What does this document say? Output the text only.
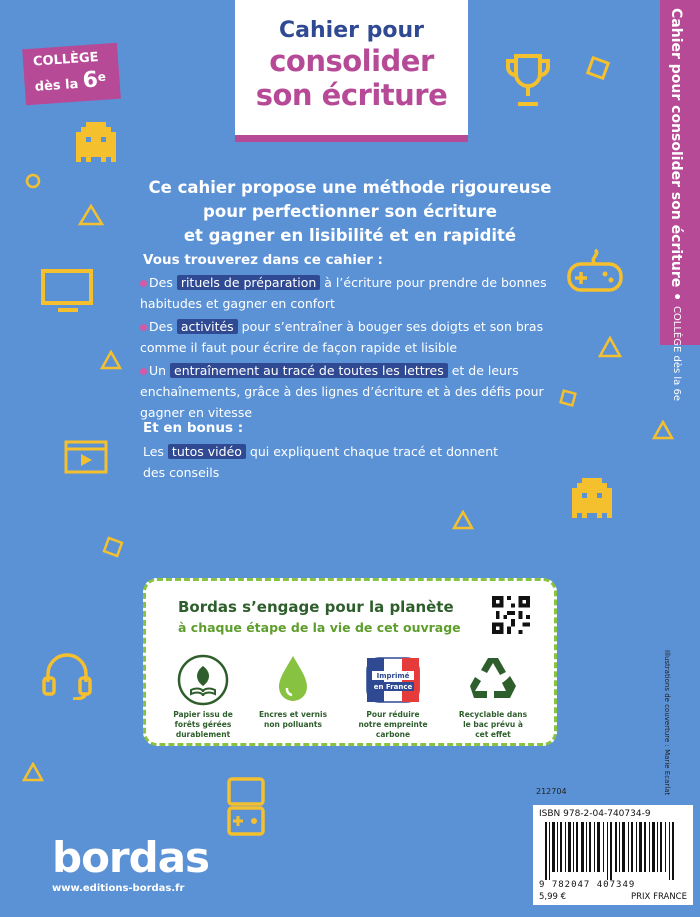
COLLÈGE
dès la 6e
Cahier pour
consolider
son écriture	Cahier pour consolider son écriture • COLLÈGE dès la 6e
Ce cahier propose une méthode rigoureuse
pour perfectionner son écriture
et gagner en lisibilité et en rapidité
Vous trouverez dans ce cahier :
Des rituels de préparation à l’écriture pour prendre de bonnes habitudes et gagner en confort
Des activités pour s’entraîner à bouger ses doigts et son bras comme il faut pour écrire de façon rapide et lisible
Un entraînement au tracé de toutes les lettres et de leurs enchaînements, grâce à des lignes d’écriture et à des défis pour gagner en vitesse
Et en bonus :
Les tutos vidéo qui expliquent chaque tracé et donnent des conseils
Bordas s’engage pour la planète
à chaque étape de la vie de cet ouvrage
Papier issu de forêts gérées durablement
Encres et vernis non polluants
Imprimé
en France
Pour réduire notre empreinte carbone
Recyclable dans le bac prévu à cet effet	Illustrations de couverture : Marie Ecarlat
212704
ISBN 978-2-04-740734-9
9 782047 407349
5,99 €	PRIX FRANCE
bordas
www.editions-bordas.fr
